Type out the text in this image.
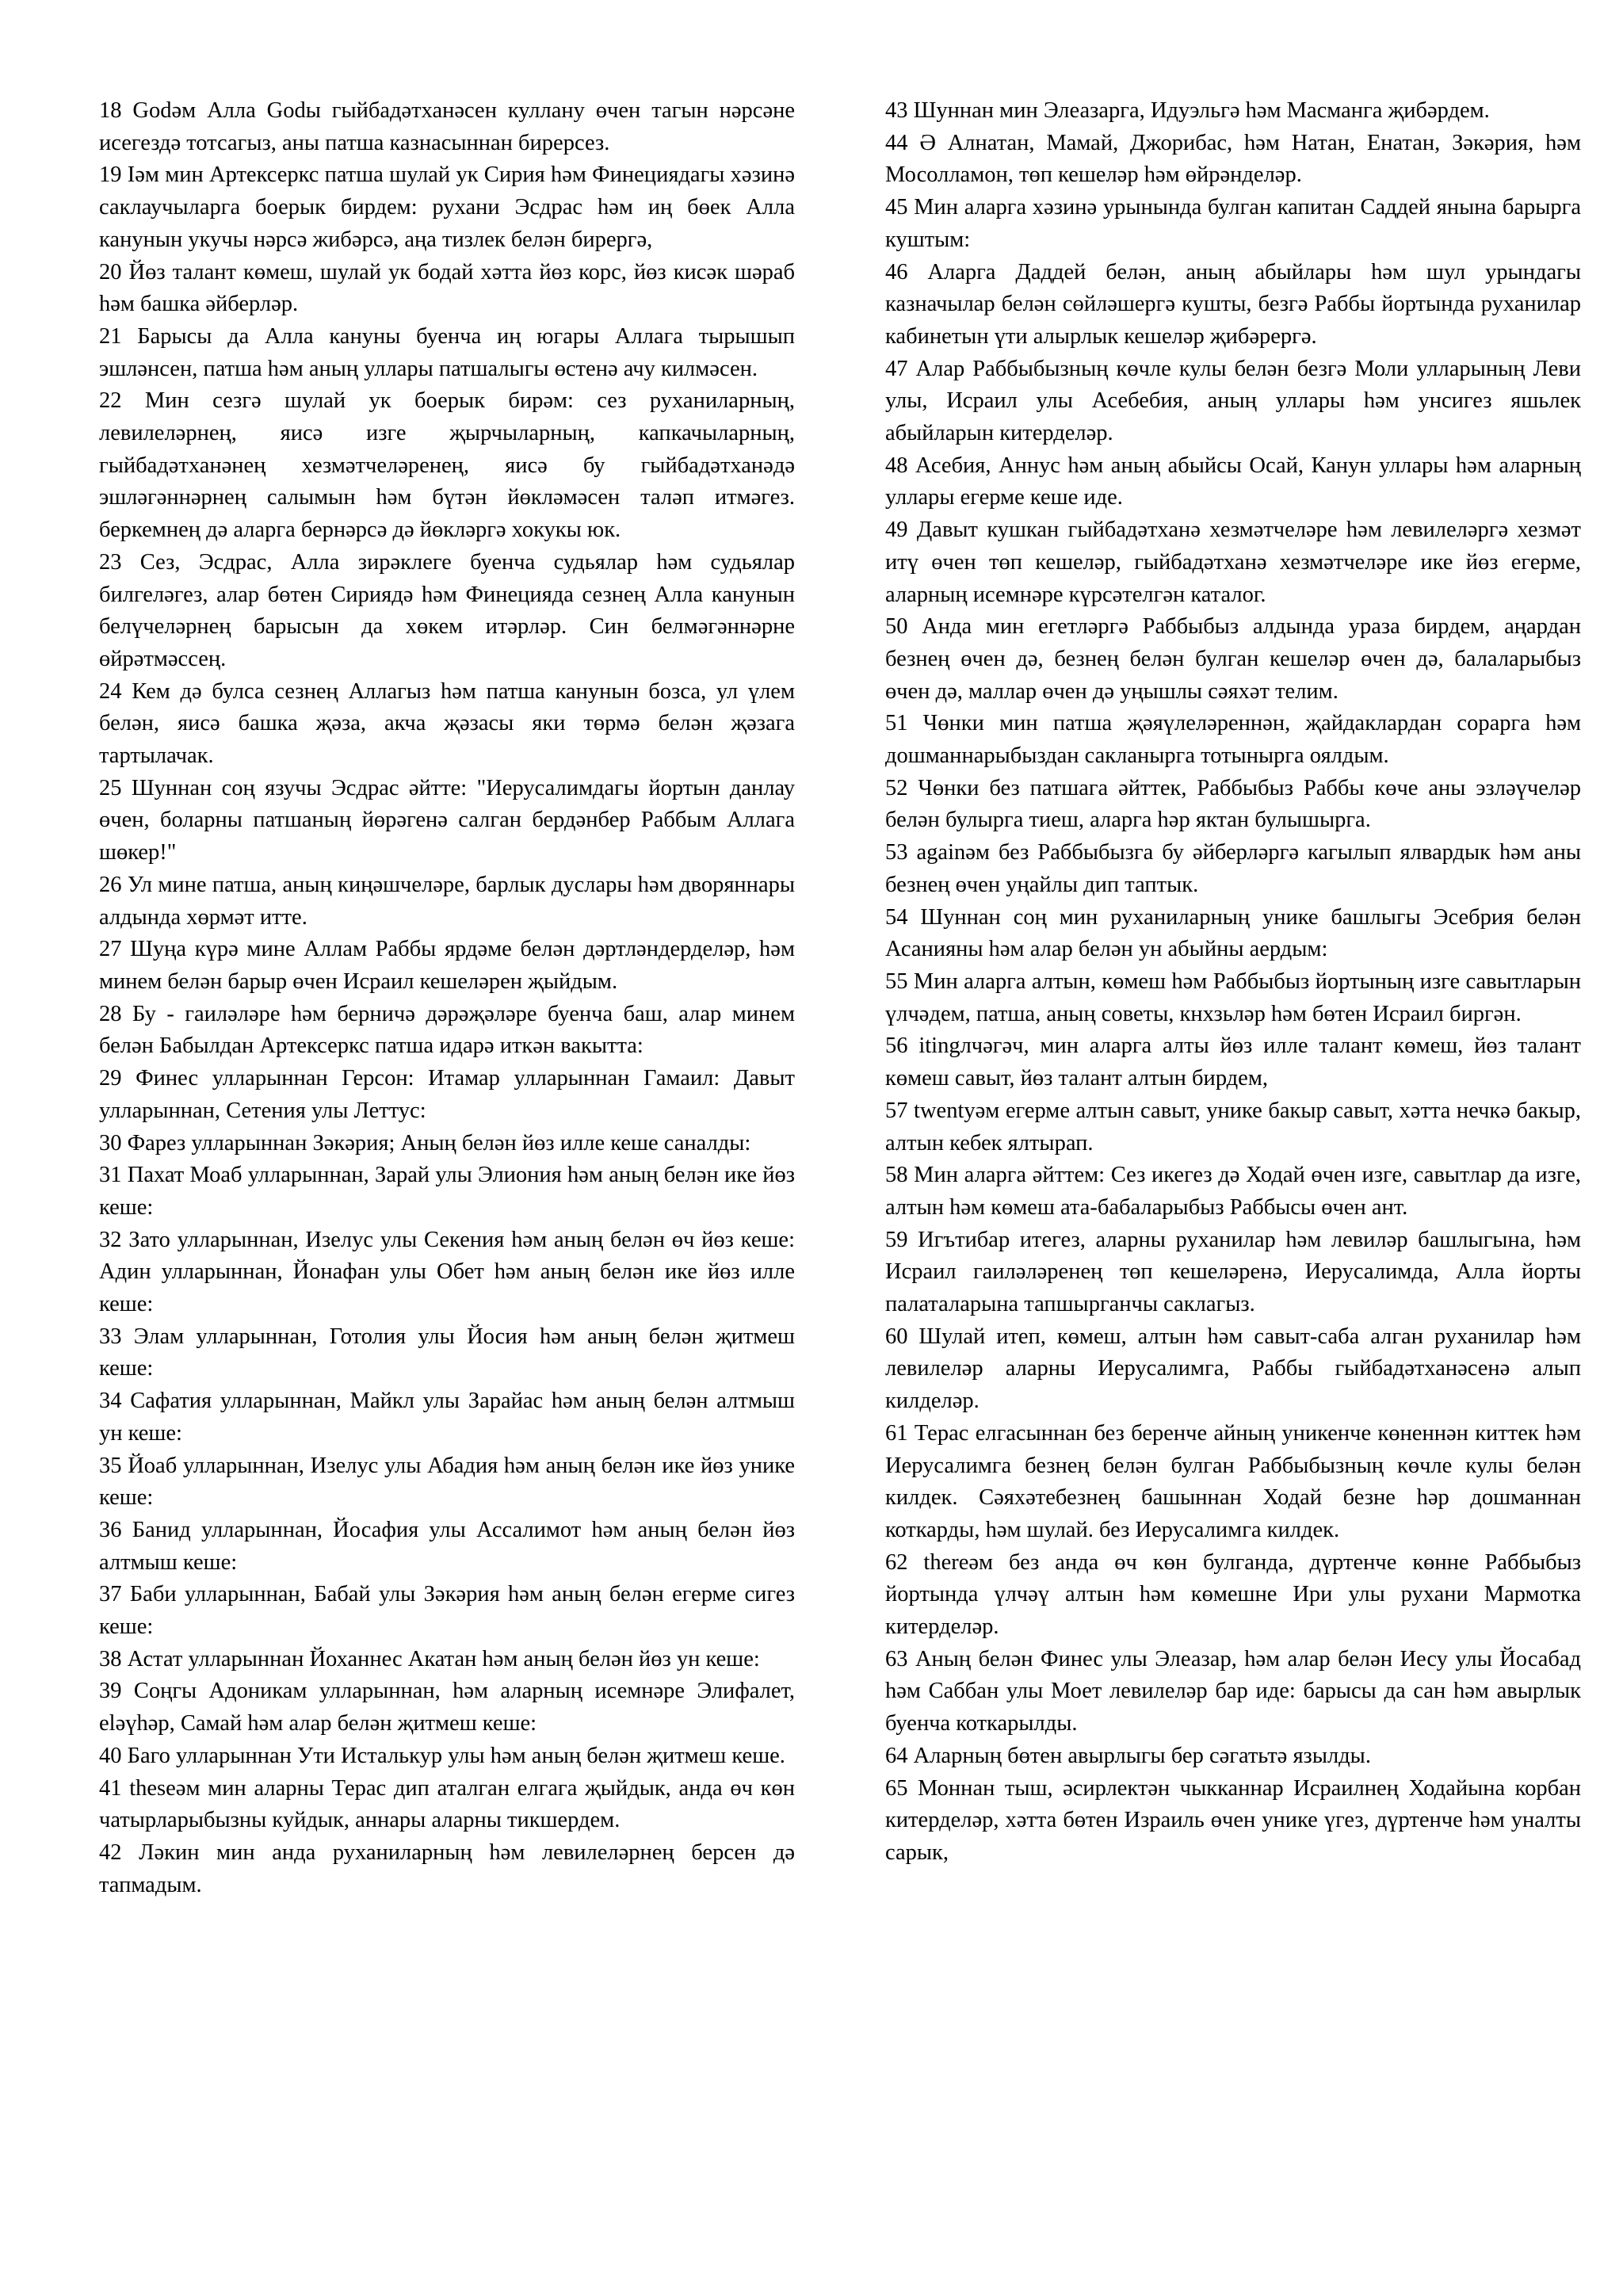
18 Godəм Алла Godы гыйбадəтханəсен куллану өчен тагын нəрсəне исегездə тотсагыз, аны патша казнасыннан бирерсез.

19 Iəм мин Артексеркс патша шулай ук Сирия һəм Финециядагы хəзинə саклаучыларга боерык бирдем: рухани Эсдрас һəм иң бөек Алла канунын укучы нəрсə жибəрсə, аңа тизлек белəн бирергə,

20 Йөз талант көмеш, шулай ук бодай хəтта йөз корс, йөз кисəк шəраб һəм башка əйберлəр.

21 Барысы да Алла кануны буенча иң югары Аллага тырышып эшлəнсен, патша һəм аның уллары патшалыгы өстенə ачу килмəсен.

22 Мин сезгə шулай ук боерык бирəм: сез руханиларның, левилелəрнең, яисə изге җырчыларның, капкачыларның, гыйбадəтханəнең хезмəтчелəренең, яисə бу гыйбадəтханəдə эшлəгəннəрнең салымын һəм бүтəн йөклəмəсен талəп итмəгез. беркемнең дə аларга бернəрсə дə йөклəргə хокукы юк.

23 Сез, Эсдрас, Алла зирəклеге буенча судьялар һəм судьялар билгелəгез, алар бөтен Сириядə һəм Финецияда сезнең Алла канунын белүчелəрнең барысын да хөкем итəрлəр. Син белмəгəннəрне өйрəтмəссең.

24 Кем дə булса сезнең Аллагыз һəм патша канунын бозса, ул үлем белəн, яисə башка җəза, акча җəзасы яки төрмə белəн җəзага тартылачак.

25 Шуннан соң язучы Эсдрас əйтте: "Иерусалимдагы йортын данлау өчен, боларны патшаның йөрəгенə салган бердəнбер Раббым Аллага шөкер!"

26 Ул мине патша, аның киңəшчелəре, барлык дуслары һəм дворяннары алдында хөрмəт итте.

27 Шуңа күрə мине Аллам Раббы ярдəме белəн дəртлəндерделəр, һəм минем белəн барыр өчен Исраил кешелəрен җыйдым.

28 Бу - гаилəлəре һəм берничə дəрəҗəлəре буенча баш, алар минем белəн Бабылдан Артексеркс патша идарə иткəн вакытта:

29 Финес улларыннан Герсон: Итамар улларыннан Гамаил: Давыт улларыннан, Сетения улы Леттус:

30 Фарез улларыннан Зəкəрия; Аның белəн йөз илле кеше саналды:

31 Пахат Моаб улларыннан, Зарай улы Элиония һəм аның белəн ике йөз кеше:

32 Зато улларыннан, Изелус улы Секения һəм аның белəн өч йөз кеше: Адин улларыннан, Йонафан улы Обет һəм аның белəн ике йөз илле кеше:

33 Элам улларыннан, Готолия улы Йосия һəм аның белəн җитмеш кеше:

34 Сафатия улларыннан, Майкл улы Зарайас һəм аның белəн алтмыш ун кеше:

35 Йоаб улларыннан, Изелус улы Абадия һəм аның белəн ике йөз унике кеше:

36 Банид улларыннан, Йосафия улы Ассалимот һəм аның белəн йөз алтмыш кеше:

37 Баби улларыннан, Бабай улы Зəкəрия һəм аның белəн егерме сигез кеше:

38 Астат улларыннан Йоханнес Акатан һəм аның белəн йөз ун кеше:

39 Соңгы Адоникам улларыннан, һəм аларның исемнəре Элифалет, eləүhəр, Самай һəм алар белəн җитмеш кеше:

40 Баго улларыннан Ути Исталькур улы һəм аның белəн җитмеш кеше.

41 theseəм мин аларны Терас дип аталган елгага җыйдык, анда өч көн чатырларыбызны куйдык, аннары аларны тикшердем.

42 Лəкин мин анда руханиларның һəм левилелəрнең берсен дə тапмадым.

43 Шуннан мин Элеазарга, Идуэльгə һəм Масманга җибəрдем.

44 Ə Алнатан, Мамай, Джорибас, һəм Натан, Енатан, Зəкəрия, һəм Мосолламон, төп кешелəр һəм өйрəнделəр.

45 Мин аларга хəзинə урынында булган капитан Саддей янына барырга куштым:

46 Аларга Даддей белəн, аның абыйлары һəм шул урындагы казначылар белəн сөйлəшергə кушты, безгə Раббы йортында руханилар кабинетын үти алырлык кешелəр җибəрергə.

47 Алар Раббыбызның көчле кулы белəн безгə Моли улларының Леви улы, Исраил улы Асебебия, аның уллары һəм унсигез яшьлек абыйларын китерделəр.

48 Асебия, Аннус һəм аның абыйсы Осай, Канун уллары һəм аларның уллары егерме кеше иде.

49 Давыт кушкан гыйбадəтханə хезмəтчелəре һəм левилелəргə хезмəт итү өчен төп кешелəр, гыйбадəтханə хезмəтчелəре ике йөз егерме, аларның исемнəре күрсəтелгəн каталог.

50 Анда мин егетлəргə Раббыбыз алдында ураза бирдем, аңардан безнең өчен дə, безнең белəн булган кешелəр өчен дə, балаларыбыз өчен дə, маллар өчен дə уңышлы сəяхəт телим.

51 Чөнки мин патша җəяүлелəреннəн, җайдаклардан сорарга һəм дошманнарыбыздан сакланырга тотынырга оялдым.

52 Чөнки без патшага əйттек, Раббыбыз Раббы көче аны эзлəүчелəр белəн булырга тиеш, аларга һəр яктан булышырга.

53 againəм без Раббыбызга бу əйберлəргə кагылып ялвардык һəм аны безнең өчен уңайлы дип таптык.

54 Шуннан соң мин руханиларның унике башлыгы Эсебрия белəн Асанияны һəм алар белəн ун абыйны аердым:

55 Мин аларга алтын, көмеш һəм Раббыбыз йортының изге савытларын үлчəдем, патша, аның советы, кнхзьлəр һəм бөтен Исраил биргəн.

56 itingлчəгəч, мин аларга алты йөз илле талант көмеш, йөз талант көмеш савыт, йөз талант алтын бирдем,

57 twentyəм егерме алтын савыт, унике бакыр савыт, хəтта нечкə бакыр, алтын кебек ялтырап.

58 Мин аларга əйттем: Сез икегез дə Ходай өчен изге, савытлар да изге, алтын һəм көмеш ата-бабаларыбыз Раббысы өчен ант.

59 Игътибар итегез, аларны руханилар һəм левилəр башлыгына, һəм Исраил гаилəлəренең төп кешелəренə, Иерусалимда, Алла йорты палаталарына тапшырганчы саклагыз.

60 Шулай итеп, көмеш, алтын һəм савыт-саба алган руханилар һəм левилелəр аларны Иерусалимга, Раббы гыйбадəтханəсенə алып килделəр.

61 Терас елгасыннан без беренче айның уникенче көненнəн киттек һəм Иерусалимга безнең белəн булган Раббыбызның көчле кулы белəн килдек. Сəяхəтебезнең башыннан Ходай безне һəр дошманнан коткарды, һəм шулай. без Иерусалимга килдек.

62 thereəм без анда өч көн булганда, дүртенче көнне Раббыбыз йортында үлчəү алтын һəм көмешне Ири улы рухани Мармотка китерделəр.

63 Аның белəн Финес улы Элеазар, һəм алар белəн Иесу улы Йосабад һəм Саббан улы Моет левилелəр бар иде: барысы да сан һəм авырлык буенча коткарылды.

64 Аларның бөтен авырлыгы бер сəгатьтə язылды.

65 Моннан тыш, əсирлектəн чыкканнар Исраилнең Ходайына корбан китерделəр, хəтта бөтен Израиль өчен унике үгез, дүртенче һəм уналты сарык,
